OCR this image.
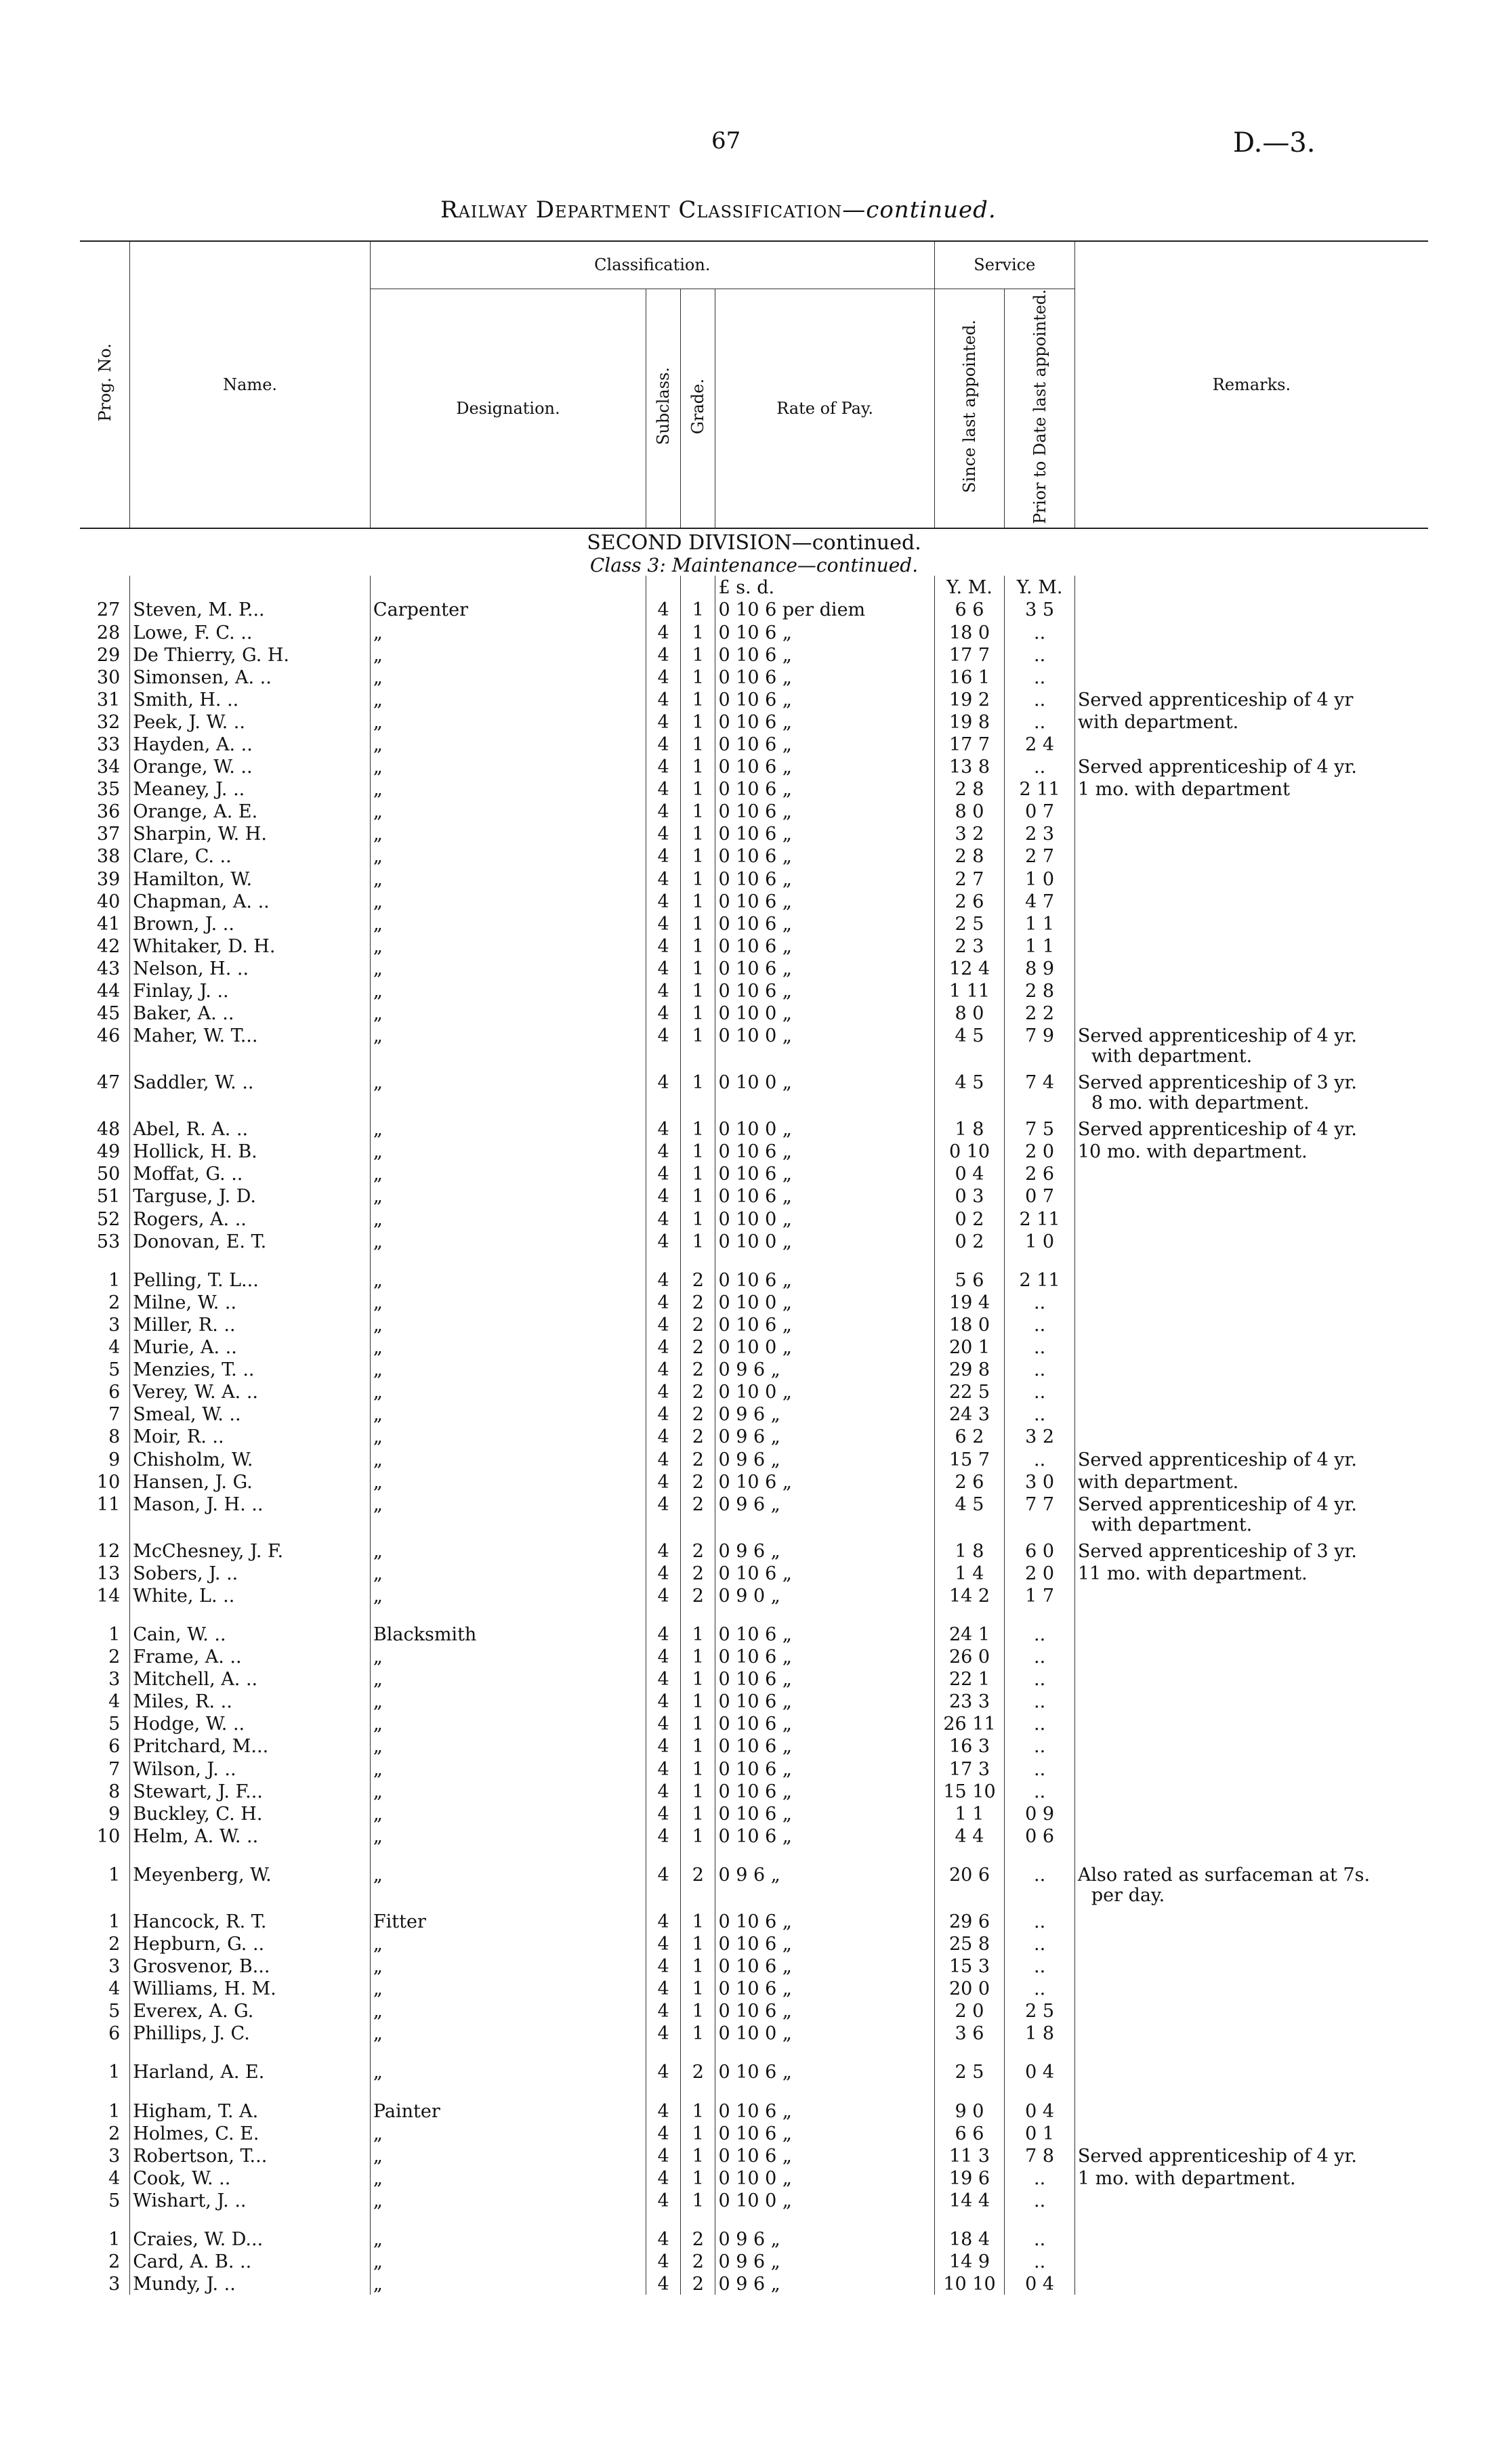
67	D.—3.
Railway Department Classification—continued.
Prog. No.	Name.	Classification.				Service		Remarks.
		Designation.	Subclass.	Grade.	Rate of Pay.	Since last appointed.	Prior to Date last appointed.	
SECOND DIVISION—continued.								
Class 3: Maintenance—continued.								
					£ s. d.	Y. M.	Y. M.	
27	Steven, M. P...	Carpenter	4	1	0 10 6 per diem	6 6	3 5	
28	Lowe, F. C. ..	„	4	1	0 10 6 „	18 0	..	
29	De Thierry, G. H.	„	4	1	0 10 6 „	17 7	..	
30	Simonsen, A. ..	„	4	1	0 10 6 „	16 1	..	
31	Smith, H. ..	„	4	1	0 10 6 „	19 2	..	Served apprenticeship of 4 yr
32	Peek, J. W. ..	„	4	1	0 10 6 „	19 8	..	with department.
33	Hayden, A. ..	„	4	1	0 10 6 „	17 7	2 4	
34	Orange, W. ..	„	4	1	0 10 6 „	13 8	..	Served apprenticeship of 4 yr.
35	Meaney, J. ..	„	4	1	0 10 6 „	2 8	2 11	1 mo. with department
36	Orange, A. E.	„	4	1	0 10 6 „	8 0	0 7	
37	Sharpin, W. H.	„	4	1	0 10 6 „	3 2	2 3	
38	Clare, C. ..	„	4	1	0 10 6 „	2 8	2 7	
39	Hamilton, W.	„	4	1	0 10 6 „	2 7	1 0	
40	Chapman, A. ..	„	4	1	0 10 6 „	2 6	4 7	
41	Brown, J. ..	„	4	1	0 10 6 „	2 5	1 1	
42	Whitaker, D. H.	„	4	1	0 10 6 „	2 3	1 1	
43	Nelson, H. ..	„	4	1	0 10 6 „	12 4	8 9	
44	Finlay, J. ..	„	4	1	0 10 6 „	1 11	2 8	
45	Baker, A. ..	„	4	1	0 10 0 „	8 0	2 2	
46	Maher, W. T...	„	4	1	0 10 0 „	4 5	7 9	Served apprenticeship of 4 yr.
with department.

47	Saddler, W. ..	„	4	1	0 10 0 „	4 5	7 4	Served apprenticeship of 3 yr.
8 mo. with department.

48	Abel, R. A. ..	„	4	1	0 10 0 „	1 8	7 5	Served apprenticeship of 4 yr.
49	Hollick, H. B.	„	4	1	0 10 6 „	0 10	2 0	10 mo. with department.
50	Moffat, G. ..	„	4	1	0 10 6 „	0 4	2 6	
51	Targuse, J. D.	„	4	1	0 10 6 „	0 3	0 7	
52	Rogers, A. ..	„	4	1	0 10 0 „	0 2	2 11	
53	Donovan, E. T.	„	4	1	0 10 0 „	0 2	1 0	

1	Pelling, T. L...	„	4	2	0 10 6 „	5 6	2 11	
2	Milne, W. ..	„	4	2	0 10 0 „	19 4	..	
3	Miller, R. ..	„	4	2	0 10 6 „	18 0	..	
4	Murie, A. ..	„	4	2	0 10 0 „	20 1	..	
5	Menzies, T. ..	„	4	2	0 9 6 „	29 8	..	
6	Verey, W. A. ..	„	4	2	0 10 0 „	22 5	..	
7	Smeal, W. ..	„	4	2	0 9 6 „	24 3	..	
8	Moir, R. ..	„	4	2	0 9 6 „	6 2	3 2	
9	Chisholm, W.	„	4	2	0 9 6 „	15 7	..	Served apprenticeship of 4 yr.
10	Hansen, J. G.	„	4	2	0 10 6 „	2 6	3 0	with department.
11	Mason, J. H. ..	„	4	2	0 9 6 „	4 5	7 7	Served apprenticeship of 4 yr.
with department.

12	McChesney, J. F.	„	4	2	0 9 6 „	1 8	6 0	Served apprenticeship of 3 yr.
13	Sobers, J. ..	„	4	2	0 10 6 „	1 4	2 0	11 mo. with department.
14	White, L. ..	„	4	2	0 9 0 „	14 2	1 7	

1	Cain, W. ..	Blacksmith	4	1	0 10 6 „	24 1	..	
2	Frame, A. ..	„	4	1	0 10 6 „	26 0	..	
3	Mitchell, A. ..	„	4	1	0 10 6 „	22 1	..	
4	Miles, R. ..	„	4	1	0 10 6 „	23 3	..	
5	Hodge, W. ..	„	4	1	0 10 6 „	26 11	..	
6	Pritchard, M...	„	4	1	0 10 6 „	16 3	..	
7	Wilson, J. ..	„	4	1	0 10 6 „	17 3	..	
8	Stewart, J. F...	„	4	1	0 10 6 „	15 10	..	
9	Buckley, C. H.	„	4	1	0 10 6 „	1 1	0 9	
10	Helm, A. W. ..	„	4	1	0 10 6 „	4 4	0 6	

1	Meyenberg, W.	„	4	2	0 9 6 „	20 6	..	Also rated as surfaceman at 7s.
per day.

1	Hancock, R. T.	Fitter	4	1	0 10 6 „	29 6	..	
2	Hepburn, G. ..	„	4	1	0 10 6 „	25 8	..	
3	Grosvenor, B...	„	4	1	0 10 6 „	15 3	..	
4	Williams, H. M.	„	4	1	0 10 6 „	20 0	..	
5	Everex, A. G.	„	4	1	0 10 6 „	2 0	2 5	
6	Phillips, J. C.	„	4	1	0 10 0 „	3 6	1 8	

1	Harland, A. E.	„	4	2	0 10 6 „	2 5	0 4	

1	Higham, T. A.	Painter	4	1	0 10 6 „	9 0	0 4	
2	Holmes, C. E.	„	4	1	0 10 6 „	6 6	0 1	
3	Robertson, T...	„	4	1	0 10 6 „	11 3	7 8	Served apprenticeship of 4 yr.
4	Cook, W. ..	„	4	1	0 10 0 „	19 6	..	1 mo. with department.
5	Wishart, J. ..	„	4	1	0 10 0 „	14 4	..	

1	Craies, W. D...	„	4	2	0 9 6 „	18 4	..	
2	Card, A. B. ..	„	4	2	0 9 6 „	14 9	..	
3	Mundy, J. ..	„	4	2	0 9 6 „	10 10	0 4	
